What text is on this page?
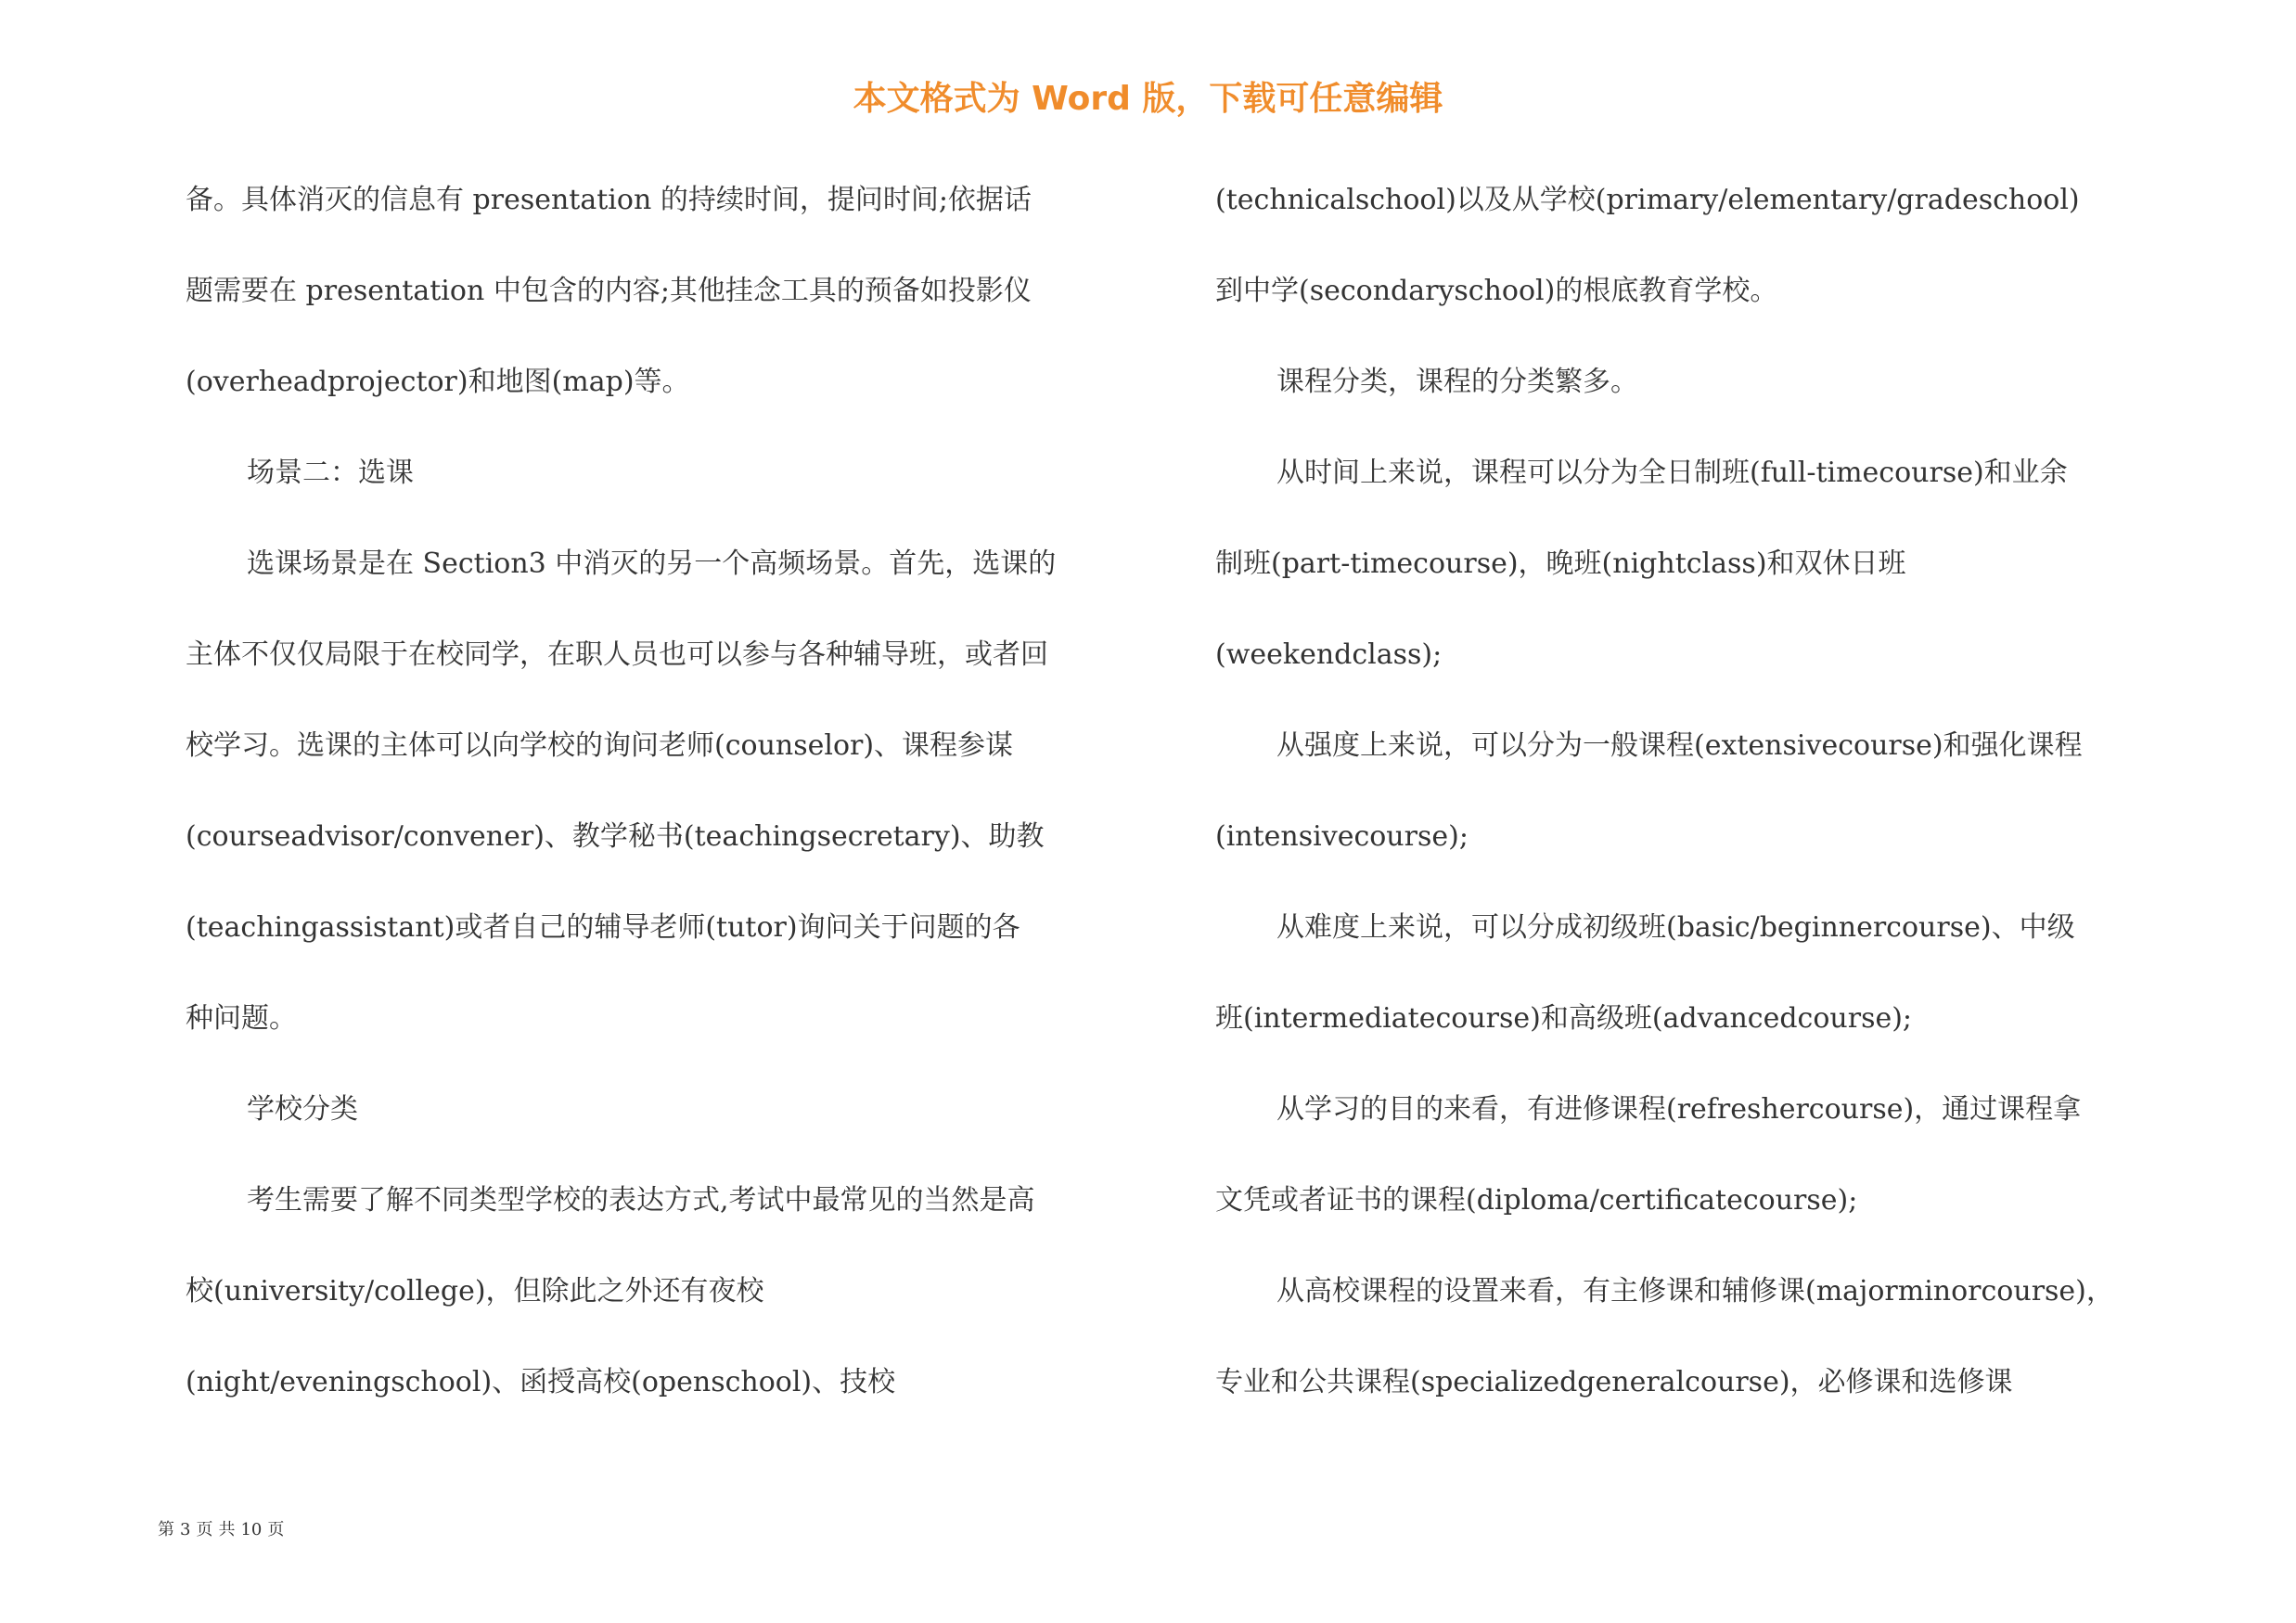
本文格式为 Word 版，下载可任意编辑
备。具体消灭的信息有 presentation 的持续时间，提问时间;依据话
题需要在 presentation 中包含的内容;其他挂念工具的预备如投影仪
(overheadprojector)和地图(map)等。
场景二：选课
选课场景是在 Section3 中消灭的另一个高频场景。首先，选课的
主体不仅仅局限于在校同学，在职人员也可以参与各种辅导班，或者回
校学习。选课的主体可以向学校的询问老师(counselor)、课程参谋
(courseadvisor/convener)、教学秘书(teachingsecretary)、助教
(teachingassistant)或者自己的辅导老师(tutor)询问关于问题的各
种问题。
学校分类
考生需要了解不同类型学校的表达方式,考试中最常见的当然是高
校(university/college)，但除此之外还有夜校
(night/eveningschool)、函授高校(openschool)、技校
(technicalschool)以及从学校(primary/elementary/gradeschool)
到中学(secondaryschool)的根底教育学校。
课程分类，课程的分类繁多。
从时间上来说，课程可以分为全日制班(full-timecourse)和业余
制班(part-timecourse)，晚班(nightclass)和双休日班
(weekendclass);
从强度上来说，可以分为一般课程(extensivecourse)和强化课程
(intensivecourse);
从难度上来说，可以分成初级班(basic/beginnercourse)、中级
班(intermediatecourse)和高级班(advancedcourse);
从学习的目的来看，有进修课程(refreshercourse)，通过课程拿
文凭或者证书的课程(diploma/certificatecourse);
从高校课程的设置来看，有主修课和辅修课(majorminorcourse)，
专业和公共课程(specializedgeneralcourse)，必修课和选修课
第 3 页 共 10 页
